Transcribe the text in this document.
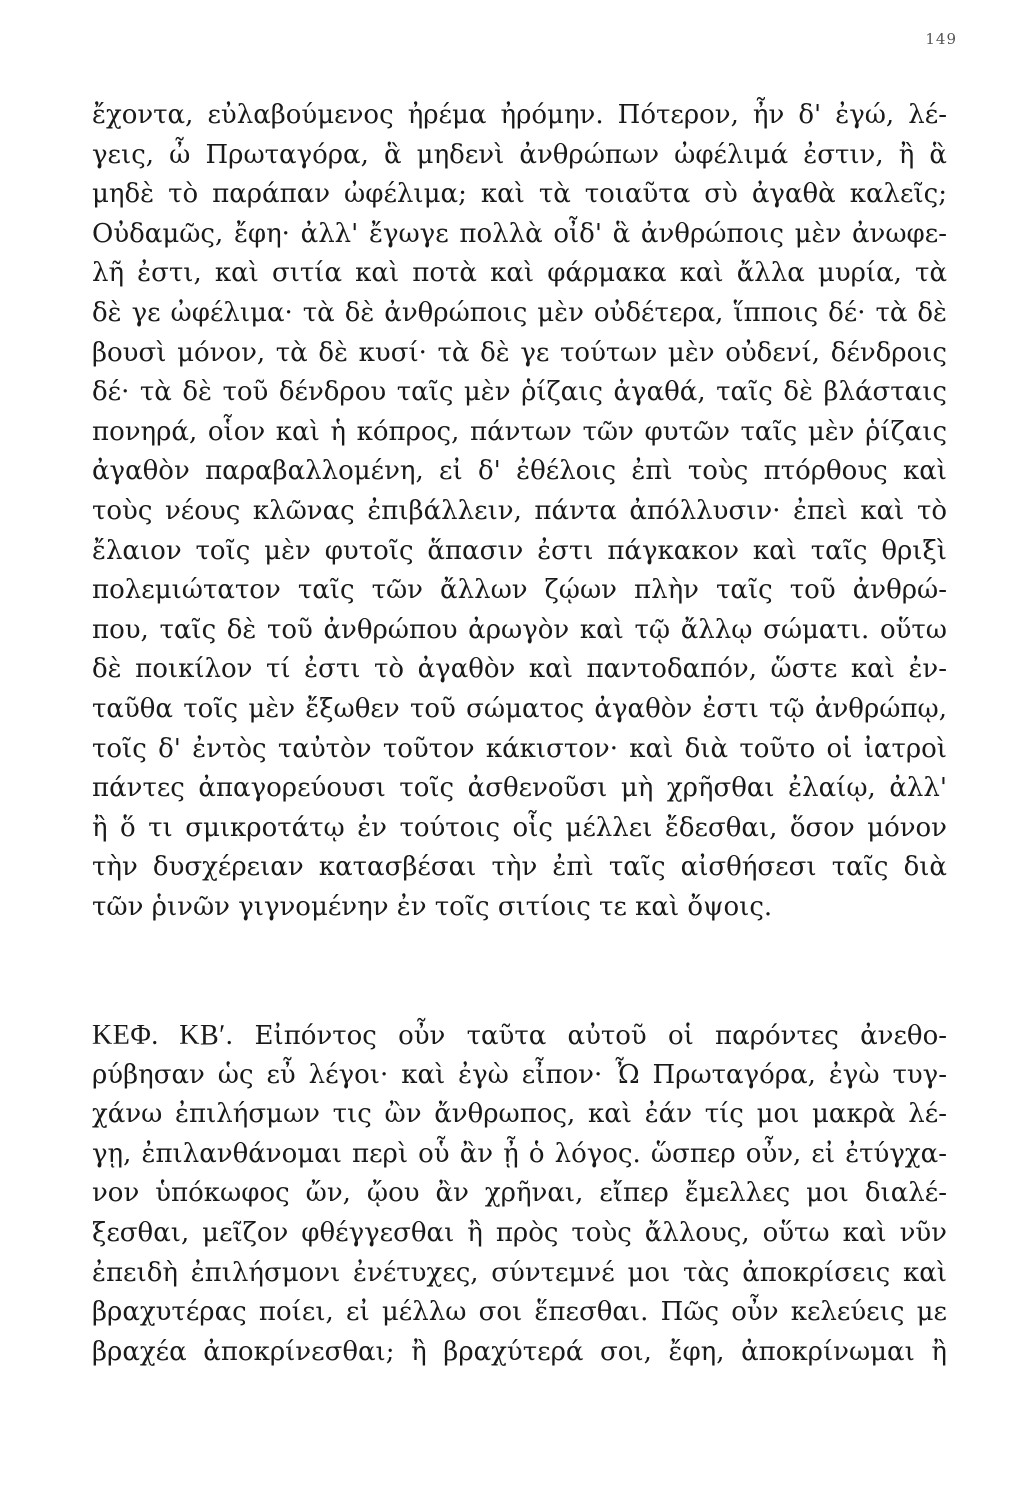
149
ἔχοντα, εὐλαβούμενος ἠρέμα ἠρόμην. Πότερον, ἦν δ' ἐγώ, λέ-
γεις, ὦ Πρωταγόρα, ἃ μηδενὶ ἀνθρώπων ὠφέλιμά ἐστιν, ἢ ἃ
μηδὲ τὸ παράπαν ὠφέλιμα; καὶ τὰ τοιαῦτα σὺ ἀγαθὰ καλεῖς;
Οὐδαμῶς, ἔφη· ἀλλ' ἔγωγε πολλὰ οἶδ' ἃ ἀνθρώποις μὲν ἀνωφε-
λῆ ἐστι, καὶ σιτία καὶ ποτὰ καὶ φάρμακα καὶ ἄλλα μυρία, τὰ
δὲ γε ὠφέλιμα· τὰ δὲ ἀνθρώποις μὲν οὐδέτερα, ἵπποις δέ· τὰ δὲ
βουσὶ μόνον, τὰ δὲ κυσί· τὰ δὲ γε τούτων μὲν οὐδενί, δένδροις
δέ· τὰ δὲ τοῦ δένδρου ταῖς μὲν ῥίζαις ἀγαθά, ταῖς δὲ βλάσταις
πονηρά, οἷον καὶ ἡ κόπρος, πάντων τῶν φυτῶν ταῖς μὲν ῥίζαις
ἀγαθὸν παραβαλλομένη, εἰ δ' ἐθέλοις ἐπὶ τοὺς πτόρθους καὶ
τοὺς νέους κλῶνας ἐπιβάλλειν, πάντα ἀπόλλυσιν· ἐπεὶ καὶ τὸ
ἔλαιον τοῖς μὲν φυτοῖς ἅπασιν ἐστι πάγκακον καὶ ταῖς θριξὶ
πολεμιώτατον ταῖς τῶν ἄλλων ζῴων πλὴν ταῖς τοῦ ἀνθρώ-
που, ταῖς δὲ τοῦ ἀνθρώπου ἀρωγὸν καὶ τῷ ἄλλῳ σώματι. οὕτω
δὲ ποικίλον τί ἐστι τὸ ἀγαθὸν καὶ παντοδαπόν, ὥστε καὶ ἐν-
ταῦθα τοῖς μὲν ἔξωθεν τοῦ σώματος ἀγαθὸν ἐστι τῷ ἀνθρώπῳ,
τοῖς δ' ἐντὸς ταὐτὸν τοῦτον κάκιστον· καὶ διὰ τοῦτο οἱ ἰατροὶ
πάντες ἀπαγορεύουσι τοῖς ἀσθενοῦσι μὴ χρῆσθαι ἐλαίῳ, ἀλλ'
ἢ ὅ τι σμικροτάτῳ ἐν τούτοις οἷς μέλλει ἔδεσθαι, ὅσον μόνον
τὴν δυσχέρειαν κατασβέσαι τὴν ἐπὶ ταῖς αἰσθήσεσι ταῖς διὰ
τῶν ῥινῶν γιγνομένην ἐν τοῖς σιτίοις τε καὶ ὄψοις.
ΚΕΦ. ΚΒʹ. Εἰπόντος οὖν ταῦτα αὐτοῦ οἱ παρόντες ἀνεθο-
ρύβησαν ὡς εὖ λέγοι· καὶ ἐγὼ εἶπον· Ὦ Πρωταγόρα, ἐγὼ τυγ-
χάνω ἐπιλήσμων τις ὢν ἄνθρωπος, καὶ ἐάν τίς μοι μακρὰ λέ-
γῃ, ἐπιλανθάνομαι περὶ οὗ ἂν ᾖ ὁ λόγος. ὥσπερ οὖν, εἰ ἐτύγχα-
νον ὑπόκωφος ὤν, ᾤου ἂν χρῆναι, εἴπερ ἔμελλες μοι διαλέ-
ξεσθαι, μεῖζον φθέγγεσθαι ἢ πρὸς τοὺς ἄλλους, οὕτω καὶ νῦν
ἐπειδὴ ἐπιλήσμονι ἐνέτυχες, σύντεμνέ μοι τὰς ἀποκρίσεις καὶ
βραχυτέρας ποίει, εἰ μέλλω σοι ἕπεσθαι. Πῶς οὖν κελεύεις με
βραχέα ἀποκρίνεσθαι; ἢ βραχύτερά σοι, ἔφη, ἀποκρίνωμαι ἢ
